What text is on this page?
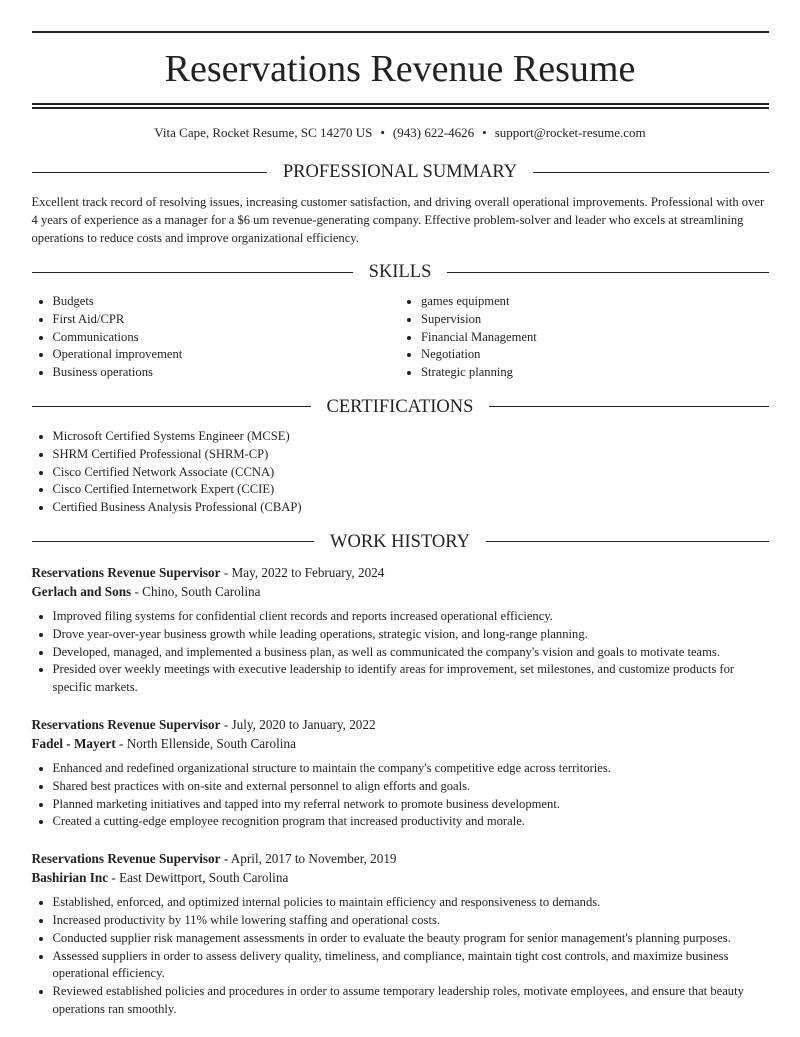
Reservations Revenue Resume
Vita Cape, Rocket Resume, SC 14270 US • (943) 622-4626 • support@rocket-resume.com
PROFESSIONAL SUMMARY

Excellent track record of resolving issues, increasing customer satisfaction, and driving overall operational improvements. Professional with over 4 years of experience as a manager for a $6 um revenue-generating company. Effective problem-solver and leader who excels at streamlining operations to reduce costs and improve organizational efficiency.

SKILLS
• Budgets
• First Aid/CPR
• Communications
• Operational improvement
• Business operations
• games equipment
• Supervision
• Financial Management
• Negotiation
• Strategic planning
CERTIFICATIONS
• Microsoft Certified Systems Engineer (MCSE)
• SHRM Certified Professional (SHRM-CP)
• Cisco Certified Network Associate (CCNA)
• Cisco Certified Internetwork Expert (CCIE)
• Certified Business Analysis Professional (CBAP)
WORK HISTORY
Reservations Revenue Supervisor - May, 2022 to February, 2024
Gerlach and Sons - Chino, South Carolina
• Improved filing systems for confidential client records and reports increased operational efficiency.
• Drove year-over-year business growth while leading operations, strategic vision, and long-range planning.
• Developed, managed, and implemented a business plan, as well as communicated the company's vision and goals to motivate teams.
• Presided over weekly meetings with executive leadership to identify areas for improvement, set milestones, and customize products for specific markets.
Reservations Revenue Supervisor - July, 2020 to January, 2022
Fadel - Mayert - North Ellenside, South Carolina
• Enhanced and redefined organizational structure to maintain the company's competitive edge across territories.
• Shared best practices with on-site and external personnel to align efforts and goals.
• Planned marketing initiatives and tapped into my referral network to promote business development.
• Created a cutting-edge employee recognition program that increased productivity and morale.
Reservations Revenue Supervisor - April, 2017 to November, 2019
Bashirian Inc - East Dewittport, South Carolina
• Established, enforced, and optimized internal policies to maintain efficiency and responsiveness to demands.
• Increased productivity by 11% while lowering staffing and operational costs.
• Conducted supplier risk management assessments in order to evaluate the beauty program for senior management's planning purposes.
• Assessed suppliers in order to assess delivery quality, timeliness, and compliance, maintain tight cost controls, and maximize business operational efficiency.
• Reviewed established policies and procedures in order to assume temporary leadership roles, motivate employees, and ensure that beauty operations ran smoothly.
